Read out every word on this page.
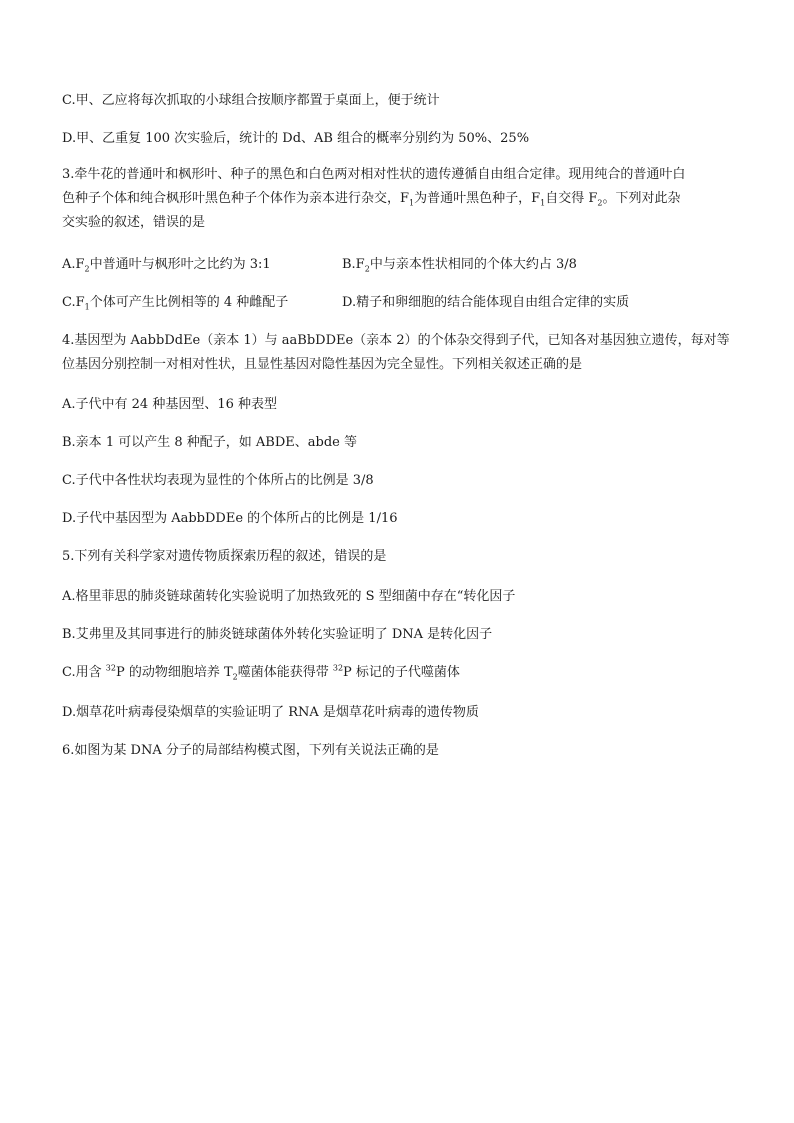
C.甲、乙应将每次抓取的小球组合按顺序都置于桌面上，便于统计
D.甲、乙重复 100 次实验后，统计的 Dd、AB 组合的概率分别约为 50%、25%
3.牵牛花的普通叶和枫形叶、种子的黑色和白色两对相对性状的遗传遵循自由组合定律。现用纯合的普通叶白
色种子个体和纯合枫形叶黑色种子个体作为亲本进行杂交，$F_1$为普通叶黑色种子，$F_1$自交得 $F_2$。下列对此杂
交实验的叙述，错误的是
$A.F_2$中普通叶与枫形叶之比约为 3:1	$B.F_2$中与亲本性状相同的个体大约占 3/8
$C.F_1$个体可产生比例相等的 4 种雌配子	D.精子和卵细胞的结合能体现自由组合定律的实质
4.基因型为 AabbDdEe（亲本 1）与 aaBbDDEe（亲本 2）的个体杂交得到子代，已知各对基因独立遗传，每对等
位基因分别控制一对相对性状，且显性基因对隐性基因为完全显性。下列相关叙述正确的是
A.子代中有 24 种基因型、16 种表型
B.亲本 1 可以产生 8 种配子，如 ABDE、abde 等
C.子代中各性状均表现为显性的个体所占的比例是 3/8
D.子代中基因型为 AabbDDEe 的个体所占的比例是 1/16
5.下列有关科学家对遗传物质探索历程的叙述，错误的是
A.格里菲思的肺炎链球菌转化实验说明了加热致死的 S 型细菌中存在“转化因子
B.艾弗里及其同事进行的肺炎链球菌体外转化实验证明了 DNA 是转化因子
C.用含 $^{32}$P 的动物细胞培养 $T_2$噬菌体能获得带 $^{32}$P 标记的子代噬菌体
D.烟草花叶病毒侵染烟草的实验证明了 RNA 是烟草花叶病毒的遗传物质
6.如图为某 DNA 分子的局部结构模式图，下列有关说法正确的是
